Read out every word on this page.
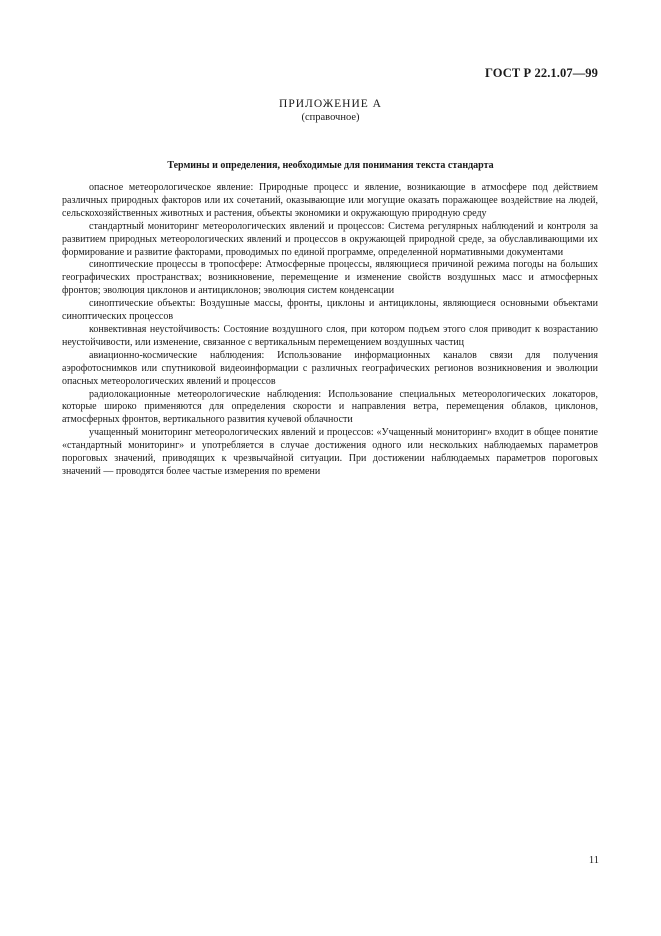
ГОСТ Р 22.1.07—99
ПРИЛОЖЕНИЕ А
(справочное)
Термины и определения, необходимые для понимания текста стандарта

опасное метеорологическое явление: Природные процесс и явление, возникающие в атмосфере под действием различных природных факторов или их сочетаний, оказывающие или могущие оказать поражающее воздействие на людей, сельскохозяйственных животных и растения, объекты экономики и окружающую природную среду

стандартный мониторинг метеорологических явлений и процессов: Система регулярных наблюдений и контроля за развитием природных метеорологических явлений и процессов в окружающей природной среде, за обуславливающими их формирование и развитие факторами, проводимых по единой программе, определенной нормативными документами

синоптические процессы в тропосфере: Атмосферные процессы, являющиеся причиной режима погоды на больших географических пространствах; возникновение, перемещение и изменение свойств воздушных масс и атмосферных фронтов; эволюция циклонов и антициклонов; эволюция систем конденсации

синоптические объекты: Воздушные массы, фронты, циклоны и антициклоны, являющиеся основными объектами синоптических процессов

конвективная неустойчивость: Состояние воздушного слоя, при котором подъем этого слоя приводит к возрастанию неустойчивости, или изменение, связанное с вертикальным перемещением воздушных частиц

авиационно-космические наблюдения: Использование информационных каналов связи для получения аэрофотоснимков или спутниковой видеоинформации с различных географических регионов возникновения и эволюции опасных метеорологических явлений и процессов

радиолокационные метеорологические наблюдения: Использование специальных метеорологических локаторов, которые широко применяются для определения скорости и направления ветра, перемещения облаков, циклонов, атмосферных фронтов, вертикального развития кучевой облачности

учащенный мониторинг метеорологических явлений и процессов: «Учащенный мониторинг» входит в общее понятие «стандартный мониторинг» и употребляется в случае достижения одного или нескольких наблюдаемых параметров пороговых значений, приводящих к чрезвычайной ситуации. При достижении наблюдаемых параметров пороговых значений — проводятся более частые измерения по времени

11
